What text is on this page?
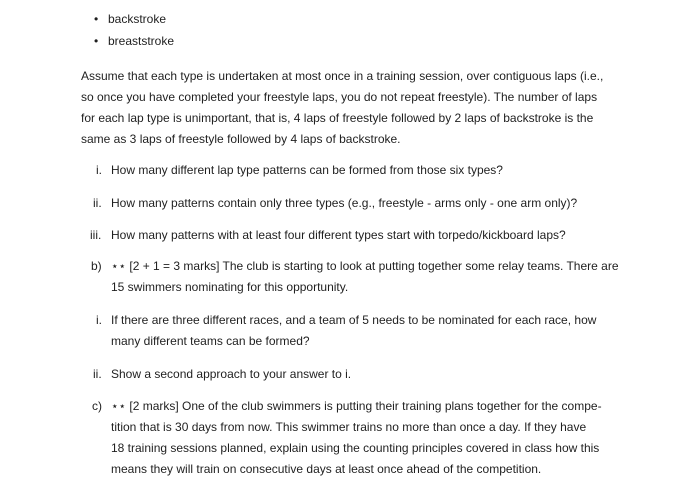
• backstroke
• breaststroke
Assume that each type is undertaken at most once in a training session, over contiguous laps (i.e.,
so once you have completed your freestyle laps, you do not repeat freestyle). The number of laps
for each lap type is unimportant, that is, 4 laps of freestyle followed by 2 laps of backstroke is the
same as 3 laps of freestyle followed by 4 laps of backstroke.
i. How many different lap type patterns can be formed from those six types?
ii. How many patterns contain only three types (e.g., freestyle - arms only - one arm only)?
iii. How many patterns with at least four different types start with torpedo/kickboard laps?
b) ⋆⋆ [2 + 1 = 3 marks] The club is starting to look at putting together some relay teams. There are
15 swimmers nominating for this opportunity.
i. If there are three different races, and a team of 5 needs to be nominated for each race, how
many different teams can be formed?
ii. Show a second approach to your answer to i.
c) ⋆⋆ [2 marks] One of the club swimmers is putting their training plans together for the compe-
tition that is 30 days from now. This swimmer trains no more than once a day. If they have
18 training sessions planned, explain using the counting principles covered in class how this
means they will train on consecutive days at least once ahead of the competition.
